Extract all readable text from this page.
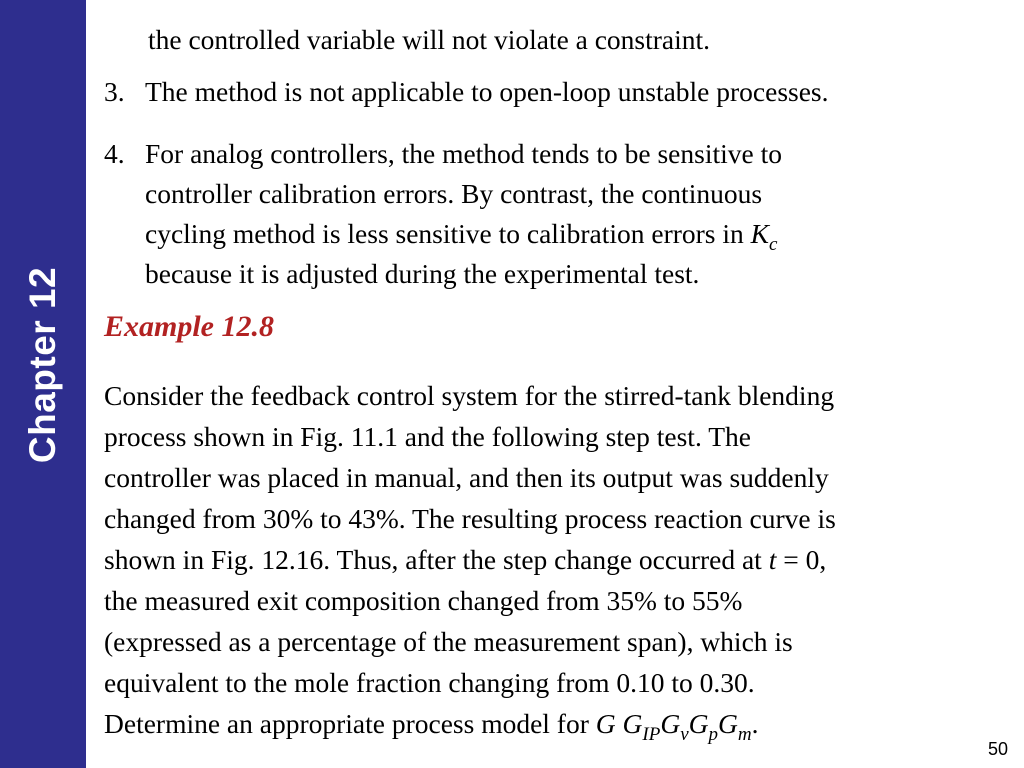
Chapter 12
the controlled variable will not violate a constraint.
3. The method is not applicable to open-loop unstable processes.
4. For analog controllers, the method tends to be sensitive to
controller calibration errors. By contrast, the continuous
cycling method is less sensitive to calibration errors in $K_c$
because it is adjusted during the experimental test.
Example 12.8
Consider the feedback control system for the stirred-tank blending
process shown in Fig. 11.1 and the following step test. The
controller was placed in manual, and then its output was suddenly
changed from 30% to 43%. The resulting process reaction curve is
shown in Fig. 12.16. Thus, after the step change occurred at t = 0,
the measured exit composition changed from 35% to 55%
(expressed as a percentage of the measurement span), which is
equivalent to the mole fraction changing from 0.10 to 0.30.
Determine an appropriate process model for G $G_{IP}G_vG_pG_m$.
50
